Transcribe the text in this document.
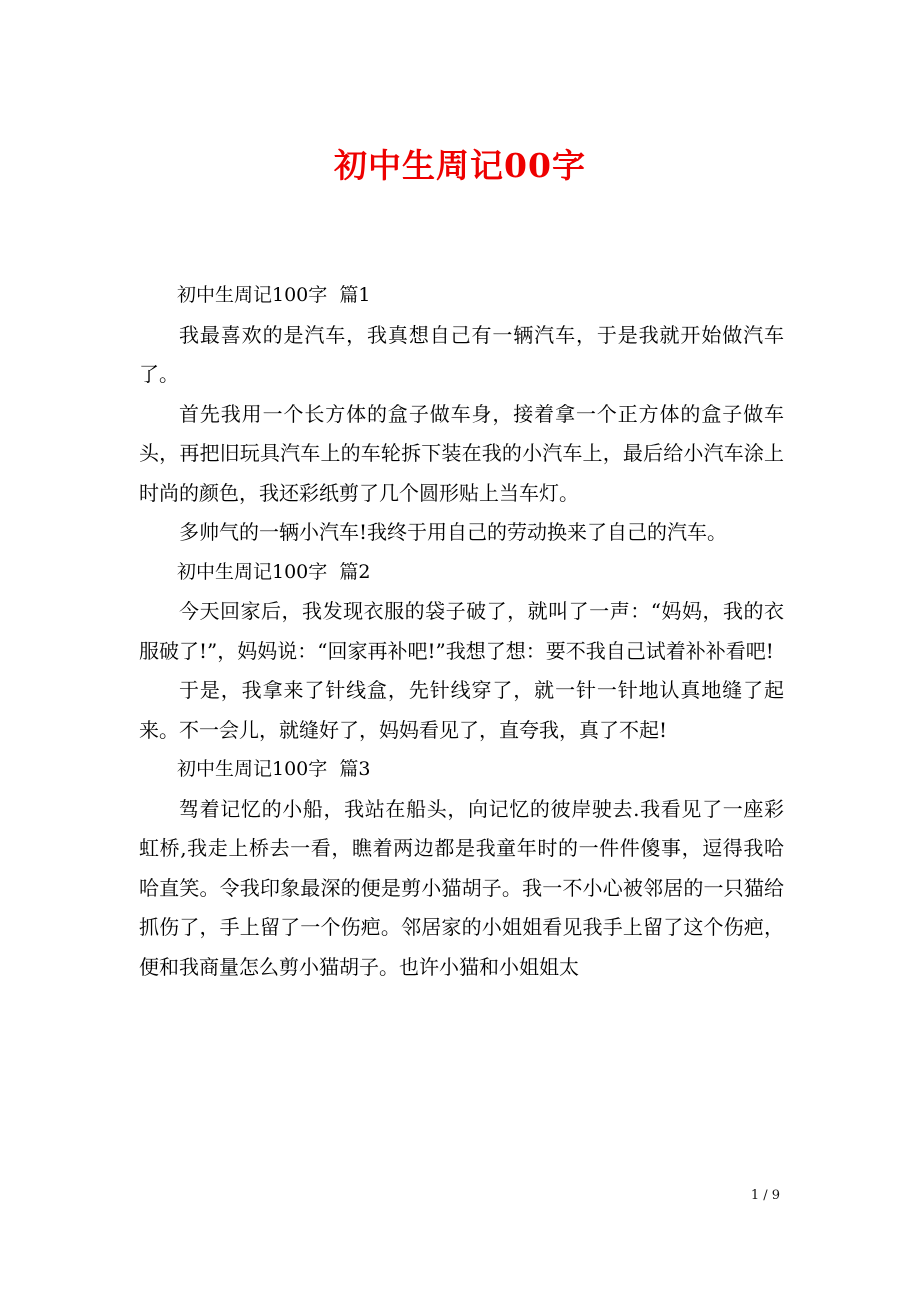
初中生周记00字

初中生周记100字  篇1

我最喜欢的是汽车，我真想自己有一辆汽车，于是我就开始做汽车了。

首先我用一个长方体的盒子做车身，接着拿一个正方体的盒子做车头，再把旧玩具汽车上的车轮拆下装在我的小汽车上，最后给小汽车涂上时尚的颜色，我还彩纸剪了几个圆形贴上当车灯。

多帅气的一辆小汽车!我终于用自己的劳动换来了自己的汽车。

初中生周记100字  篇2

今天回家后，我发现衣服的袋子破了，就叫了一声：“妈妈，我的衣服破了!”，妈妈说：“回家再补吧!”我想了想：要不我自己试着补补看吧!

于是，我拿来了针线盒，先针线穿了，就一针一针地认真地缝了起来。不一会儿，就缝好了，妈妈看见了，直夸我，真了不起!

初中生周记100字  篇3

驾着记忆的小船，我站在船头，向记忆的彼岸驶去.我看见了一座彩虹桥,我走上桥去一看，瞧着两边都是我童年时的一件件傻事，逗得我哈哈直笑。令我印象最深的便是剪小猫胡子。我一不小心被邻居的一只猫给抓伤了，手上留了一个伤疤。邻居家的小姐姐看见我手上留了这个伤疤，便和我商量怎么剪小猫胡子。也许小猫和小姐姐太

1 / 9
